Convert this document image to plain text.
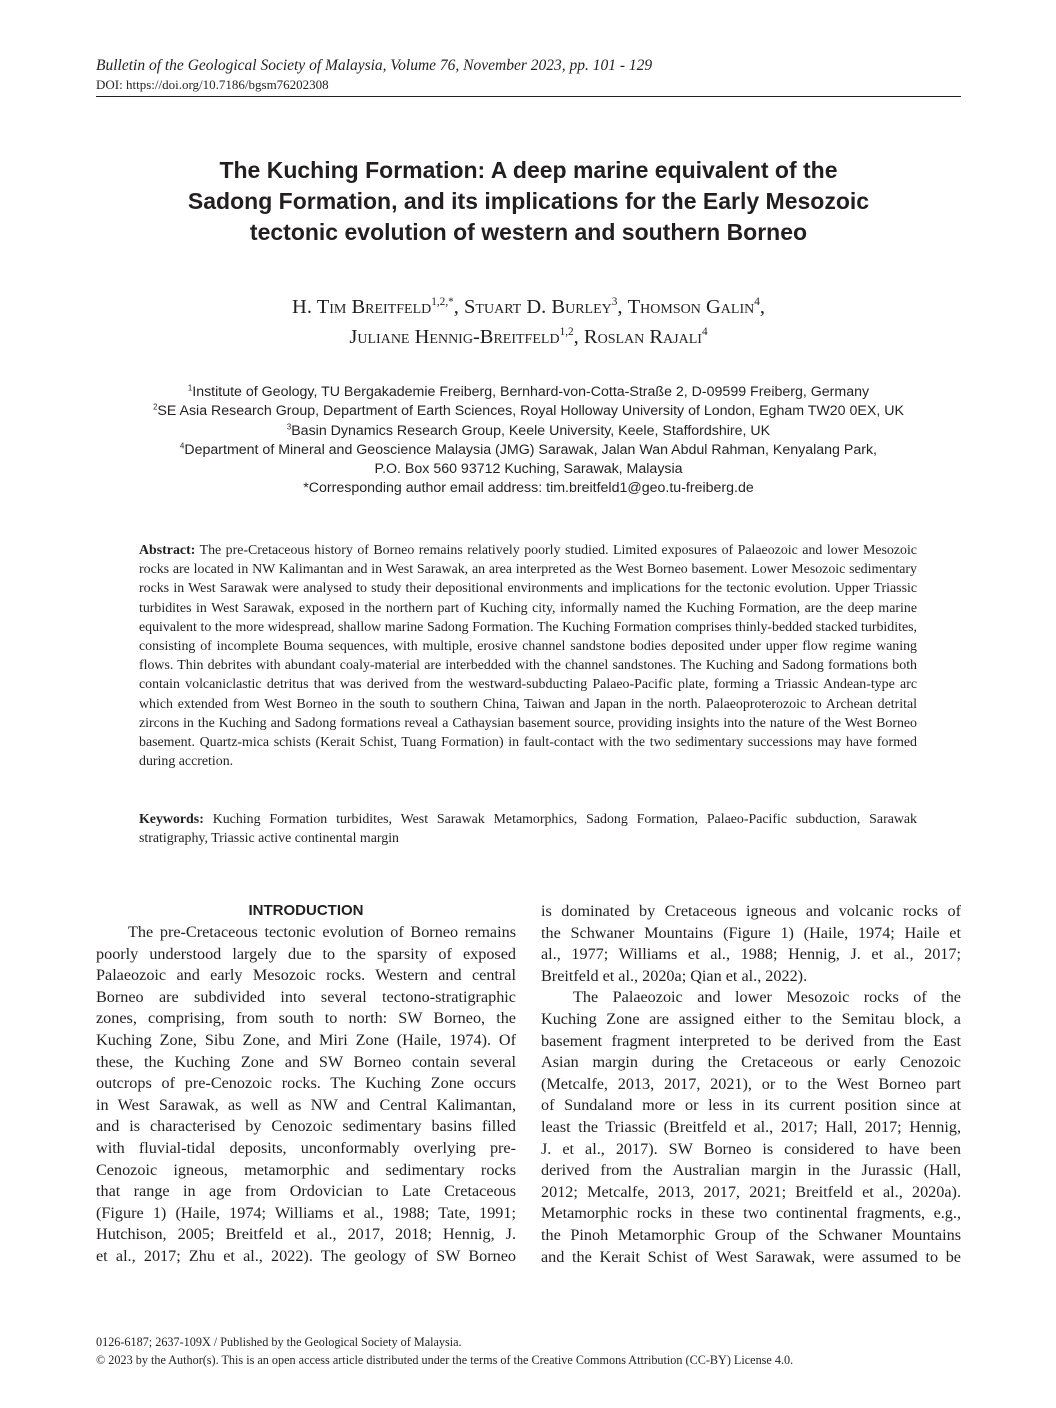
Bulletin of the Geological Society of Malaysia, Volume 76, November 2023, pp. 101 - 129
DOI: https://doi.org/10.7186/bgsm76202308
The Kuching Formation: A deep marine equivalent of the
Sadong Formation, and its implications for the Early Mesozoic
tectonic evolution of western and southern Borneo
H. Tim Breitfeld$^{1,2,*}$, Stuart D. Burley$^3$, Thomson Galin$^4$,
Juliane Hennig-Breitfeld$^{1,2}$, Roslan Rajali$^4$
$^1$Institute of Geology, TU Bergakademie Freiberg, Bernhard-von-Cotta-Straße 2, D-09599 Freiberg, Germany
$^2$SE Asia Research Group, Department of Earth Sciences, Royal Holloway University of London, Egham TW20 0EX, UK
$^3$Basin Dynamics Research Group, Keele University, Keele, Staffordshire, UK
$^4$Department of Mineral and Geoscience Malaysia (JMG) Sarawak, Jalan Wan Abdul Rahman, Kenyalang Park,
P.O. Box 560 93712 Kuching, Sarawak, Malaysia
*Corresponding author email address: tim.breitfeld1@geo.tu-freiberg.de
Abstract: The pre-Cretaceous history of Borneo remains relatively poorly studied. Limited exposures of Palaeozoic and lower Mesozoic rocks are located in NW Kalimantan and in West Sarawak, an area interpreted as the West Borneo basement. Lower Mesozoic sedimentary rocks in West Sarawak were analysed to study their depositional environments and implications for the tectonic evolution. Upper Triassic turbidites in West Sarawak, exposed in the northern part of Kuching city, informally named the Kuching Formation, are the deep marine equivalent to the more widespread, shallow marine Sadong Formation. The Kuching Formation comprises thinly-bedded stacked turbidites, consisting of incomplete Bouma sequences, with multiple, erosive channel sandstone bodies deposited under upper flow regime waning flows. Thin debrites with abundant coaly-material are interbedded with the channel sandstones. The Kuching and Sadong formations both contain volcaniclastic detritus that was derived from the westward-subducting Palaeo-Pacific plate, forming a Triassic Andean-type arc which extended from West Borneo in the south to southern China, Taiwan and Japan in the north. Palaeoproterozoic to Archean detrital zircons in the Kuching and Sadong formations reveal a Cathaysian basement source, providing insights into the nature of the West Borneo basement. Quartz-mica schists (Kerait Schist, Tuang Formation) in fault-contact with the two sedimentary successions may have formed during accretion.
Keywords: Kuching Formation turbidites, West Sarawak Metamorphics, Sadong Formation, Palaeo-Pacific subduction, Sarawak stratigraphy, Triassic active continental margin
INTRODUCTION
The pre-Cretaceous tectonic evolution of Borneo remains
poorly understood largely due to the sparsity of exposed
Palaeozoic and early Mesozoic rocks. Western and central
Borneo are subdivided into several tectono-stratigraphic
zones, comprising, from south to north: SW Borneo, the
Kuching Zone, Sibu Zone, and Miri Zone (Haile, 1974). Of
these, the Kuching Zone and SW Borneo contain several
outcrops of pre-Cenozoic rocks. The Kuching Zone occurs
in West Sarawak, as well as NW and Central Kalimantan,
and is characterised by Cenozoic sedimentary basins filled
with fluvial-tidal deposits, unconformably overlying pre-
Cenozoic igneous, metamorphic and sedimentary rocks
that range in age from Ordovician to Late Cretaceous
(Figure 1) (Haile, 1974; Williams et al., 1988; Tate, 1991;
Hutchison, 2005; Breitfeld et al., 2017, 2018; Hennig, J.
et al., 2017; Zhu et al., 2022). The geology of SW Borneo
is dominated by Cretaceous igneous and volcanic rocks of
the Schwaner Mountains (Figure 1) (Haile, 1974; Haile et
al., 1977; Williams et al., 1988; Hennig, J. et al., 2017;
Breitfeld et al., 2020a; Qian et al., 2022).
The Palaeozoic and lower Mesozoic rocks of the
Kuching Zone are assigned either to the Semitau block, a
basement fragment interpreted to be derived from the East
Asian margin during the Cretaceous or early Cenozoic
(Metcalfe, 2013, 2017, 2021), or to the West Borneo part
of Sundaland more or less in its current position since at
least the Triassic (Breitfeld et al., 2017; Hall, 2017; Hennig,
J. et al., 2017). SW Borneo is considered to have been
derived from the Australian margin in the Jurassic (Hall,
2012; Metcalfe, 2013, 2017, 2021; Breitfeld et al., 2020a).
Metamorphic rocks in these two continental fragments, e.g.,
the Pinoh Metamorphic Group of the Schwaner Mountains
and the Kerait Schist of West Sarawak, were assumed to be
0126-6187; 2637-109X / Published by the Geological Society of Malaysia.
© 2023 by the Author(s). This is an open access article distributed under the terms of the Creative Commons Attribution (CC-BY) License 4.0.
